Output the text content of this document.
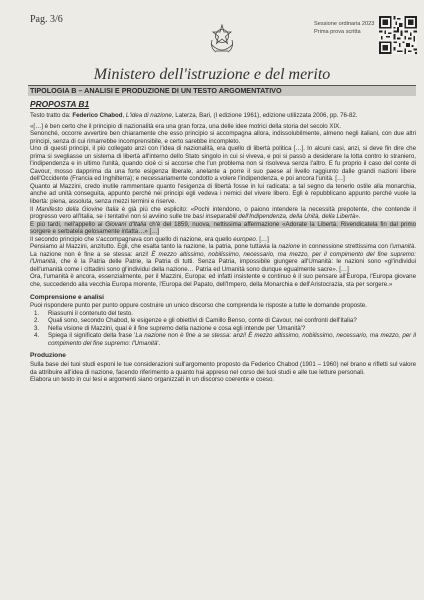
Pag. 3/6	Sessione ordinaria 2023
Prima prova scritta
Ministero dell'istruzione e del merito
TIPOLOGIA B – ANALISI E PRODUZIONE DI UN TESTO ARGOMENTATIVO
PROPOSTA B1

Testo tratto da: Federico Chabod, L'idea di nazione, Laterza, Bari, (I edizione 1961), edizione utilizzata 2006, pp. 76-82.

«[…] è ben certo che il principio di nazionalità era una gran forza, una delle idee motrici della storia del secolo XIX.

Senonché, occorre avvertire ben chiaramente che esso principio si accompagna allora, indissolubilmente, almeno negli italiani, con due altri principi, senza di cui rimarrebbe incomprensibile, e certo sarebbe incompleto.

Uno di questi principi, il più collegato anzi con l'idea di nazionalità, era quello di libertà politica […]. In alcuni casi, anzi, si deve fin dire che prima si svegliasse un sistema di libertà all'interno dello Stato singolo in cui si viveva, e poi si passò a desiderare la lotta contro lo straniero, l'indipendenza e in ultimo l'unità, quando cioè ci si accorse che l'un problema non si risolveva senza l'altro. E fu proprio il caso del conte di Cavour, mosso dapprima da una forte esigenza liberale, anelante a porre il suo paese al livello raggiunto dalle grandi nazioni libere dell'Occidente (Francia ed Inghilterra); e necessariamente condotto a volere l'indipendenza, e poi ancora l'unità. […]

Quanto al Mazzini, credo inutile rammentare quanto l'esigenza di libertà fosse in lui radicata: a tal segno da tenerlo ostile alla monarchia, anche ad unità conseguita, appunto perché nei principi egli vedeva i nemici del vivere libero. Egli è repubblicano appunto perché vuole la libertà: piena, assoluta, senza mezzi termini e riserve.

Il Manifesto della Giovine Italia è già più che esplicito: «Pochi intendono, o paiono intendere la necessità prepotente, che contende il progresso vero all'Italia, se i tentativi non si avviino sulle tre basi inseparabili dell'Indipendenza, della Unità, della Libertà».

E più tardi, nell'appello ai Giovani d'Italia ch'è del 1859, nuova, nettissima affermazione «Adorate la Libertà. Rivendicatela fin dal primo sorgere e serbatela gelosamente intatta…» […]

Il secondo principio che s'accompagnava con quello di nazione, era quello europeo. […]

Pensiamo al Mazzini, anzitutto. Egli, che esalta tanto la nazione, la patria, pone tuttavia la nazione in connessione strettissima con l'umanità. La nazione non è fine a se stessa: anzi! È mezzo altissimo, nobilissimo, necessario, ma mezzo, per il compimento del fine supremo: l'Umanità, che è la Patria delle Patrie, la Patria di tutti. Senza Patria, impossibile giungere all'Umanità: le nazioni sono «gl'individui dell'umanità come i cittadini sono gl'individui della nazione… Patria ed Umanità sono dunque egualmente sacre». […]

Ora, l'umanità è ancora, essenzialmente, per il Mazzini, Europa: ed infatti insistente e continuo è il suo pensare all'Europa, l'Europa giovane che, succedendo alla vecchia Europa morente, l'Europa del Papato, dell'Impero, della Monarchia e dell'Aristocrazia, sta per sorgere.»

Comprensione e analisi

Puoi rispondere punto per punto oppure costruire un unico discorso che comprenda le risposte a tutte le domande proposte.

1.	Riassumi il contenuto del testo.
2.	Quali sono, secondo Chabod, le esigenze e gli obiettivi di Camillo Benso, conte di Cavour, nei confronti dell'Italia?
3.	Nella visione di Mazzini, qual è il fine supremo della nazione e cosa egli intende per 'Umanità'?
4.	Spiega il significato della frase 'La nazione non è fine a se stessa: anzi! È mezzo altissimo, nobilissimo, necessario, ma mezzo, per il compimento del fine supremo: l'Umanità'.
Produzione

Sulla base dei tuoi studi esponi le tue considerazioni sull'argomento proposto da Federico Chabod (1901 – 1960) nel brano e rifletti sul valore da attribuire all'idea di nazione, facendo riferimento a quanto hai appreso nel corso dei tuoi studi e alle tue letture personali.

Elabora un testo in cui tesi e argomenti siano organizzati in un discorso coerente e coeso.
